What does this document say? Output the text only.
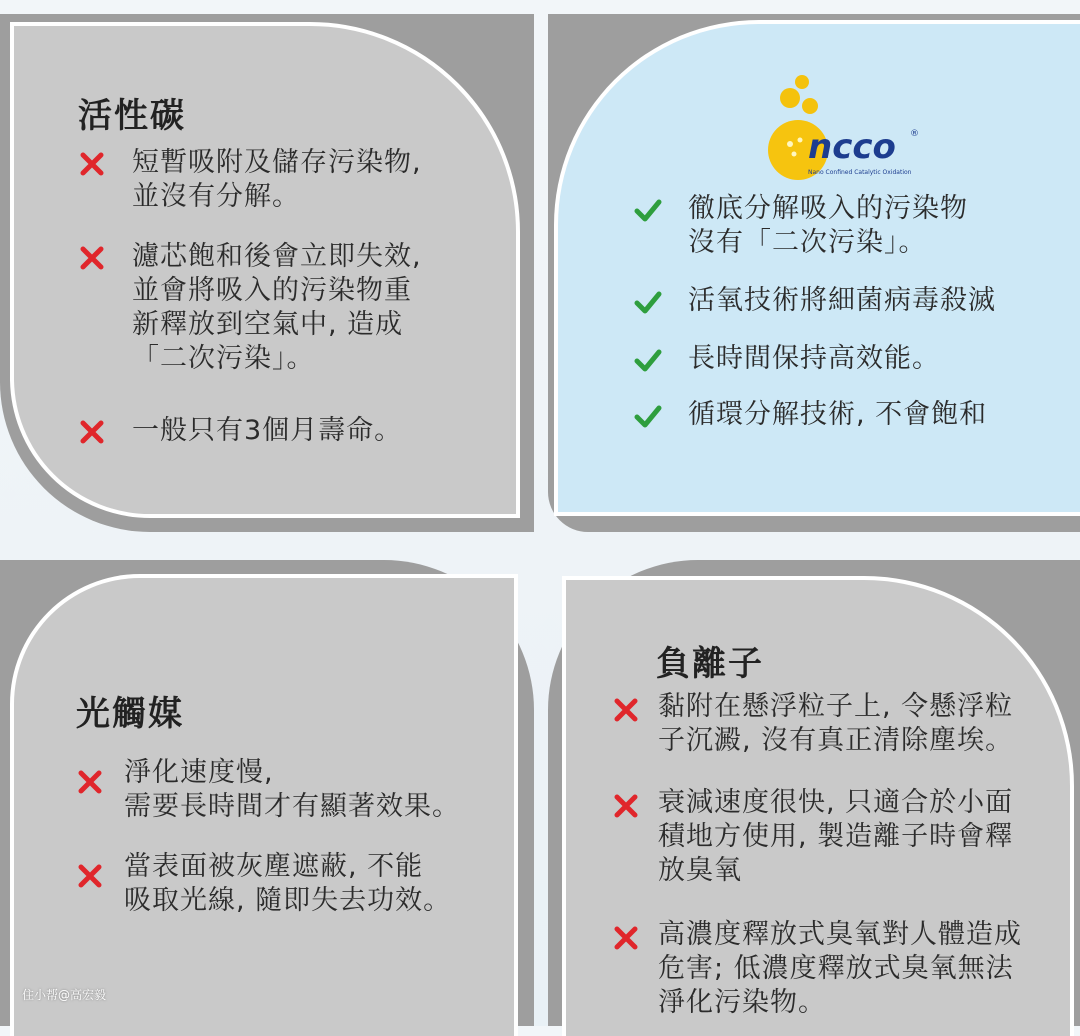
活性碳
短暫吸附及儲存污染物,
並沒有分解。
濾芯飽和後會立即失效,
並會將吸入的污染物重
新釋放到空氣中, 造成
「二次污染」。
一般只有3個月壽命。
ncco
Nano Confined Catalytic Oxidation
®
徹底分解吸入的污染物
沒有「二次污染」。
活氧技術將細菌病毒殺滅
長時間保持高效能。
循環分解技術, 不會飽和
光觸媒
淨化速度慢,
需要長時間才有顯著效果。
當表面被灰塵遮蔽, 不能
吸取光線, 隨即失去功效。
負離子
黏附在懸浮粒子上, 令懸浮粒
子沉澱, 沒有真正清除塵埃。
衰減速度很快, 只適合於小面
積地方使用, 製造離子時會釋
放臭氧
高濃度釋放式臭氧對人體造成
危害; 低濃度釋放式臭氧無法
淨化污染物。
住小帮@高宏毅
